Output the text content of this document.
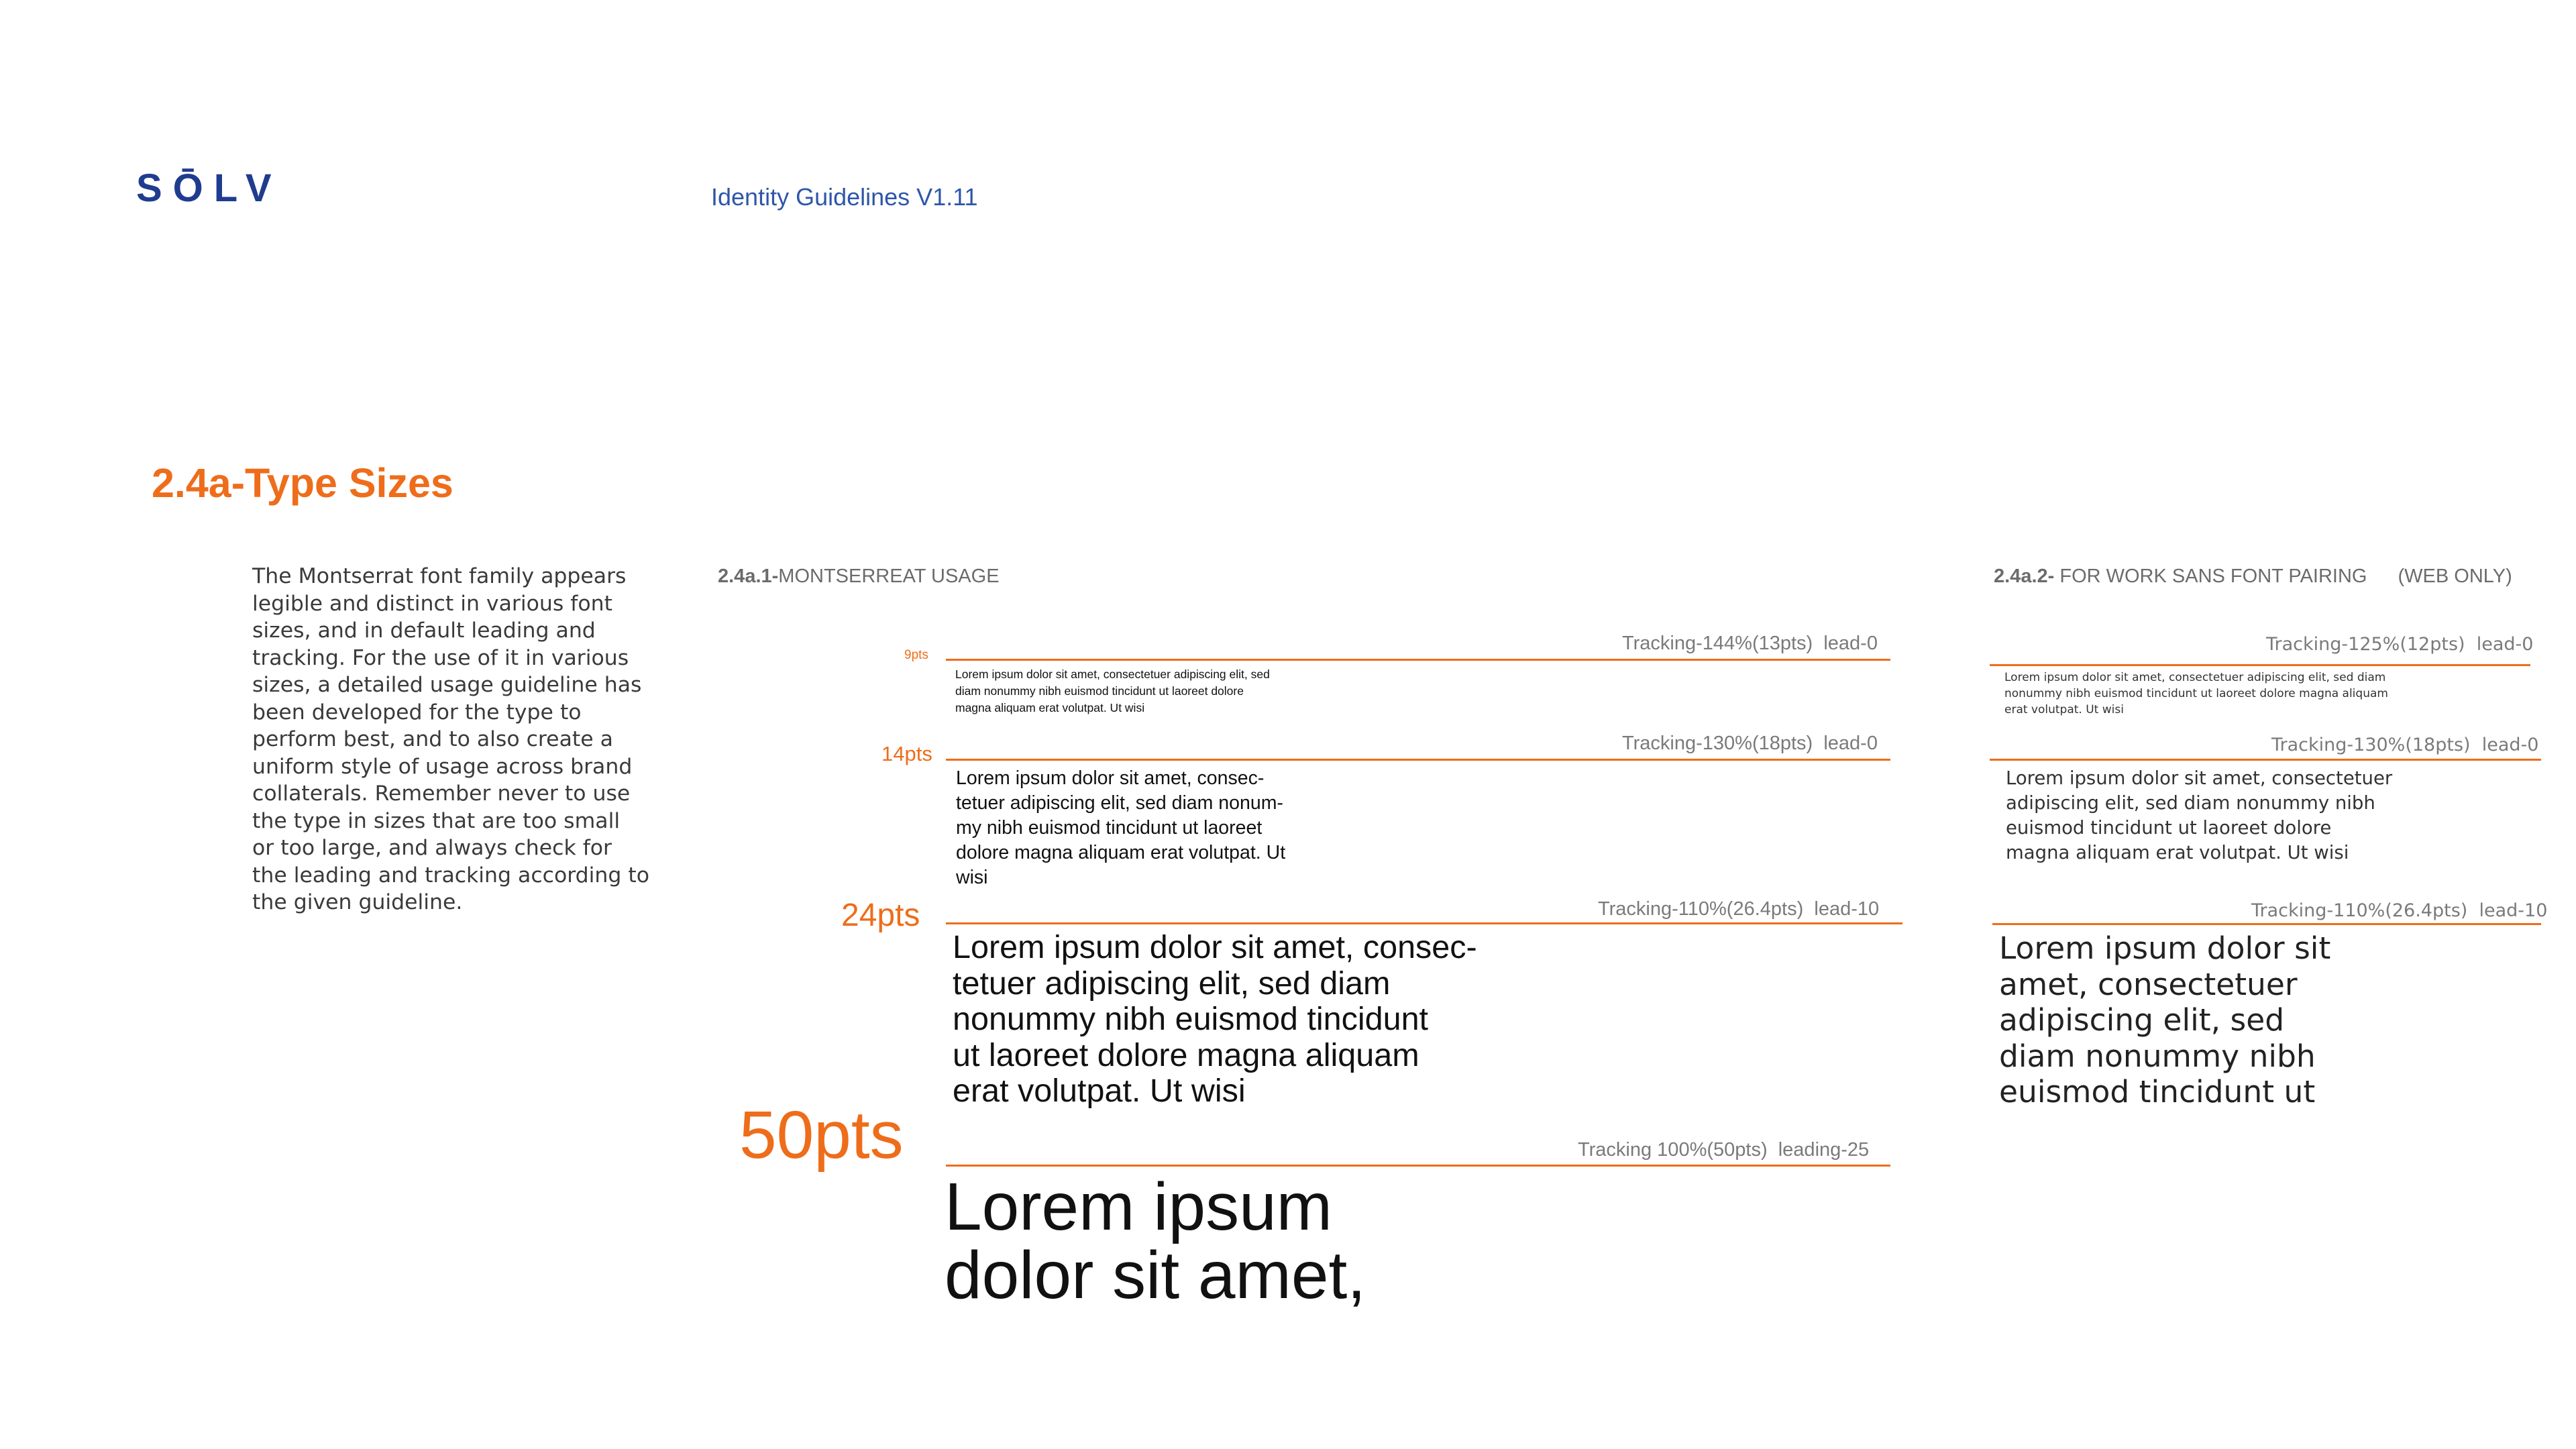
SŌLV	Identity Guidelines V1.11
2.4a-Type Sizes
The Montserrat font family appears
legible and distinct in various font
sizes, and in default leading and
tracking. For the use of it in various
sizes, a detailed usage guideline has
been developed for the type to
perform best, and to also create a
uniform style of usage across brand
collaterals. Remember never to use
the type in sizes that are too small
or too large, and always check for
the leading and tracking according to
the given guideline.
2.4a.1-MONTSERREAT USAGE
9pts
Tracking-144%(13pts) lead-0
Lorem ipsum dolor sit amet, consectetuer adipiscing elit, sed
diam nonummy nibh euismod tincidunt ut laoreet dolore
magna aliquam erat volutpat. Ut wisi
14pts	Tracking-130%(18pts) lead-0
Lorem ipsum dolor sit amet, consec-
tetuer adipiscing elit, sed diam nonum-
my nibh euismod tincidunt ut laoreet
dolore magna aliquam erat volutpat. Ut
wisi
24pts	Tracking-110%(26.4pts) lead-10
Lorem ipsum dolor sit amet, consec-
tetuer adipiscing elit, sed diam
nonummy nibh euismod tincidunt
ut laoreet dolore magna aliquam
erat volutpat. Ut wisi
50pts	Tracking 100%(50pts) leading-25
Lorem ipsum
dolor sit amet,
2.4a.2- FOR WORK SANS FONT PAIRING (WEB ONLY)
Tracking-125%(12pts) lead-0
Lorem ipsum dolor sit amet, consectetuer adipiscing elit, sed diam
nonummy nibh euismod tincidunt ut laoreet dolore magna aliquam
erat volutpat. Ut wisi
Tracking-130%(18pts) lead-0
Lorem ipsum dolor sit amet, consectetuer
adipiscing elit, sed diam nonummy nibh
euismod tincidunt ut laoreet dolore
magna aliquam erat volutpat. Ut wisi
Tracking-110%(26.4pts) lead-10
Lorem ipsum dolor sit
amet, consectetuer
adipiscing elit, sed
diam nonummy nibh
euismod tincidunt ut
